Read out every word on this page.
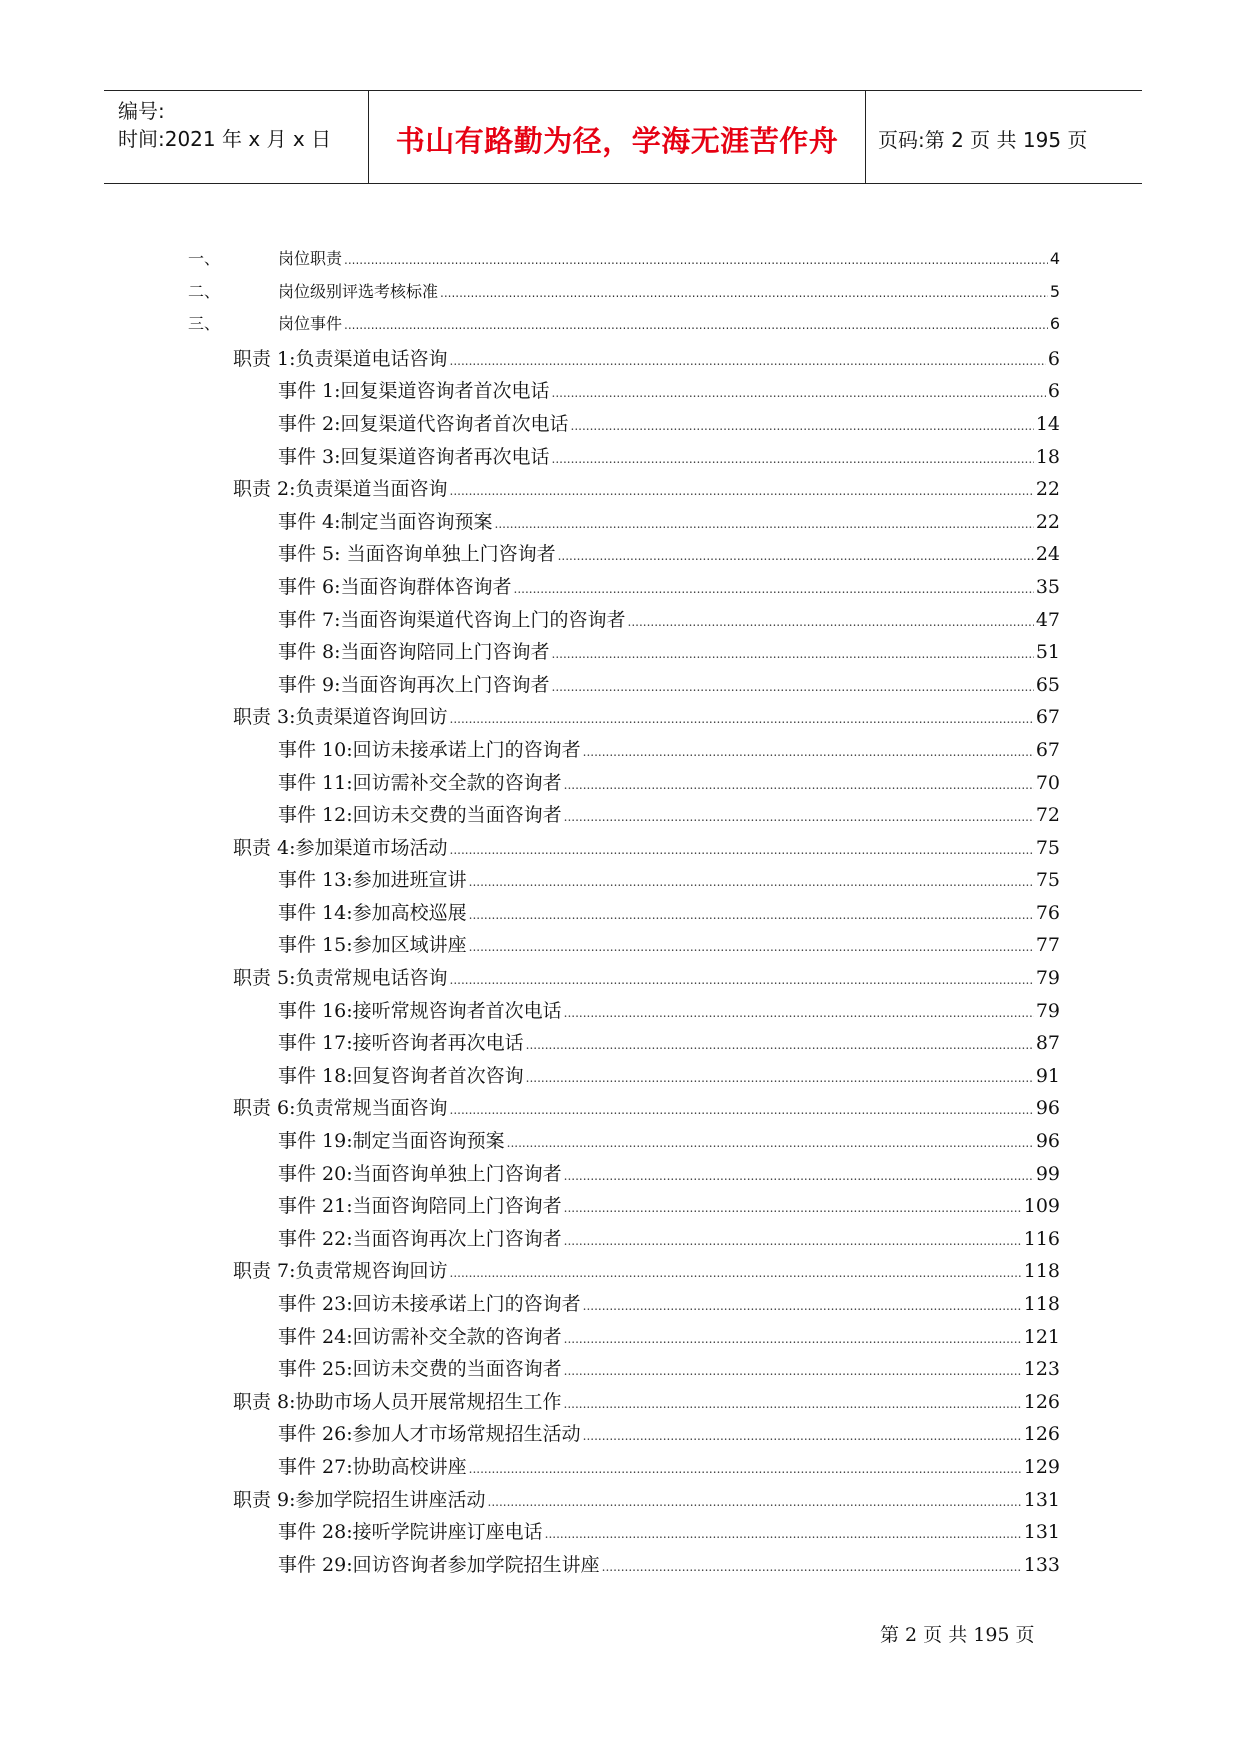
编号:
时间:2021 年 x 月 x 日	书山有路勤为径，学海无涯苦作舟	页码:第 2 页 共 195 页
一、	岗位职责 .....	4
二、	岗位级别评选考核标准 .....	5
三、	岗位事件 .....	6
职责 1:负责渠道电话咨询 .....	6
事件 1:回复渠道咨询者首次电话 .....	6
事件 2:回复渠道代咨询者首次电话 .....	14
事件 3:回复渠道咨询者再次电话 .....	18
职责 2:负责渠道当面咨询 .....	22
事件 4:制定当面咨询预案 .....	22
事件 5: 当面咨询单独上门咨询者 .....	24
事件 6:当面咨询群体咨询者 .....	35
事件 7:当面咨询渠道代咨询上门的咨询者 .....	47
事件 8:当面咨询陪同上门咨询者 .....	51
事件 9:当面咨询再次上门咨询者 .....	65
职责 3:负责渠道咨询回访 .....	67
事件 10:回访未接承诺上门的咨询者 .....	67
事件 11:回访需补交全款的咨询者 .....	70
事件 12:回访未交费的当面咨询者 .....	72
职责 4:参加渠道市场活动 .....	75
事件 13:参加进班宣讲 .....	75
事件 14:参加高校巡展 .....	76
事件 15:参加区域讲座 .....	77
职责 5:负责常规电话咨询 .....	79
事件 16:接听常规咨询者首次电话 .....	79
事件 17:接听咨询者再次电话 .....	87
事件 18:回复咨询者首次咨询 .....	91
职责 6:负责常规当面咨询 .....	96
事件 19:制定当面咨询预案 .....	96
事件 20:当面咨询单独上门咨询者 .....	99
事件 21:当面咨询陪同上门咨询者 .....	109
事件 22:当面咨询再次上门咨询者 .....	116
职责 7:负责常规咨询回访 .....	118
事件 23:回访未接承诺上门的咨询者 .....	118
事件 24:回访需补交全款的咨询者 .....	121
事件 25:回访未交费的当面咨询者 .....	123
职责 8:协助市场人员开展常规招生工作 .....	126
事件 26:参加人才市场常规招生活动 .....	126
事件 27:协助高校讲座 .....	129
职责 9:参加学院招生讲座活动 .....	131
事件 28:接听学院讲座订座电话 .....	131
事件 29:回访咨询者参加学院招生讲座 .....	133
第 2 页 共 195 页
